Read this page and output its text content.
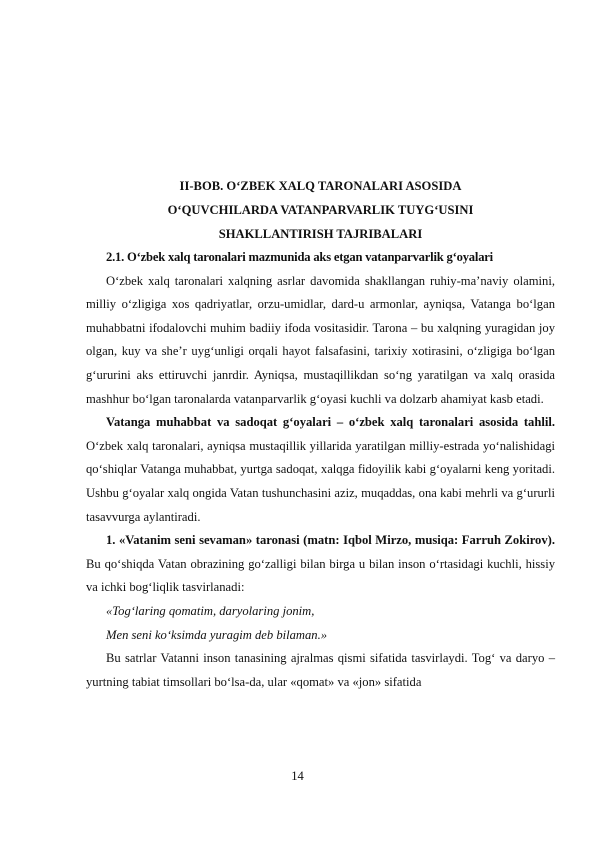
II-BOB. O‘ZBEK XALQ TARONALARI ASOSIDA
O‘QUVCHILARDA VATANPARVARLIK TUYG‘USINI
SHAKLLANTIRISH TAJRIBALARI

2.1. O‘zbek xalq taronalari mazmunida aks etgan vatanparvarlik g‘oyalari

O‘zbek xalq taronalari xalqning asrlar davomida shakllangan ruhiy-ma’naviy olamini, milliy o‘zligiga xos qadriyatlar, orzu-umidlar, dard-u armonlar, ayniqsa, Vatanga bo‘lgan muhabbatni ifodalovchi muhim badiiy ifoda vositasidir. Tarona – bu xalqning yuragidan joy olgan, kuy va she’r uyg‘unligi orqali hayot falsafasini, tarixiy xotirasini, o‘zligiga bo‘lgan g‘ururini aks ettiruvchi janrdir. Ayniqsa, mustaqillikdan so‘ng yaratilgan va xalq orasida mashhur bo‘lgan taronalarda vatanparvarlik g‘oyasi kuchli va dolzarb ahamiyat kasb etadi.

Vatanga muhabbat va sadoqat g‘oyalari – o‘zbek xalq taronalari asosida tahlil. O‘zbek xalq taronalari, ayniqsa mustaqillik yillarida yaratilgan milliy-estrada yo‘nalishidagi qo‘shiqlar Vatanga muhabbat, yurtga sadoqat, xalqga fidoyilik kabi g‘oyalarni keng yoritadi. Ushbu g‘oyalar xalq ongida Vatan tushunchasini aziz, muqaddas, ona kabi mehrli va g‘ururli tasavvurga aylantiradi.

1. «Vatanim seni sevaman» taronasi (matn: Iqbol Mirzo, musiqa: Farruh Zokirov). Bu qo‘shiqda Vatan obrazining go‘zalligi bilan birga u bilan inson o‘rtasidagi kuchli, hissiy va ichki bog‘liqlik tasvirlanadi:

«Tog‘laring qomatim, daryolaring jonim,

Men seni ko‘ksimda yuragim deb bilaman.»

Bu satrlar Vatanni inson tanasining ajralmas qismi sifatida tasvirlaydi. Tog‘ va daryo – yurtning tabiat timsollari bo‘lsa-da, ular «qomat» va «jon» sifatida

14
